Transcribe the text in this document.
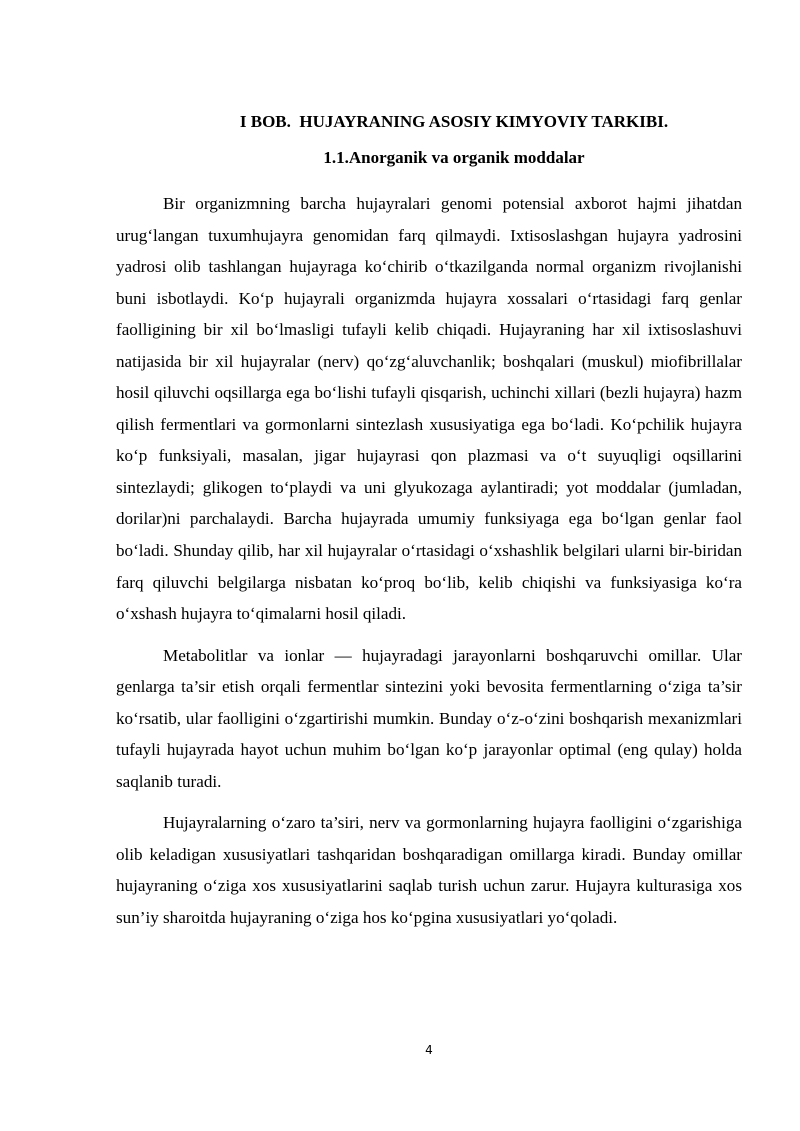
I BOB.  HUJAYRANING ASOSIY KIMYOVIY TARKIBI.
1.1.Anorganik va organik moddalar

Bir organizmning barcha hujayralari genomi potensial axborot hajmi jihatdan urug‘langan tuxumhujayra genomidan farq qilmaydi. Ixtisoslashgan hujayra yadrosini yadrosi olib tashlangan hujayraga ko‘chirib o‘tkazilganda normal organizm rivojlanishi buni isbotlaydi. Ko‘p hujayrali organizmda hujayra xossalari o‘rtasidagi farq genlar faolligining bir xil bo‘lmasligi tufayli kelib chiqadi. Hujayraning har xil ixtisoslashuvi natijasida bir xil hujayralar (nerv) qo‘zg‘aluvchanlik; boshqalari (muskul) miofibrillalar hosil qiluvchi oqsillarga ega bo‘lishi tufayli qisqarish, uchinchi xillari (bezli hujayra) hazm qilish fermentlari va gormonlarni sintezlash xususiyatiga ega bo‘ladi. Ko‘pchilik hujayra ko‘p funksiyali, masalan, jigar hujayrasi qon plazmasi va o‘t suyuqligi oqsillarini sintezlaydi; glikogen to‘playdi va uni glyukozaga aylantiradi; yot moddalar (jumladan, dorilar)ni parchalaydi. Barcha hujayrada umumiy funksiyaga ega bo‘lgan genlar faol bo‘ladi. Shunday qilib, har xil hujayralar o‘rtasidagi o‘xshashlik belgilari ularni bir-biridan farq qiluvchi belgilarga nisbatan ko‘proq bo‘lib, kelib chiqishi va funksiyasiga ko‘ra o‘xshash hujayra to‘qimalarni hosil qiladi.

Metabolitlar va ionlar — hujayradagi jarayonlarni boshqaruvchi omillar. Ular genlarga ta’sir etish orqali fermentlar sintezini yoki bevosita fermentlarning o‘ziga ta’sir ko‘rsatib, ular faolligini o‘zgartirishi mumkin. Bunday o‘z-o‘zini boshqarish mexanizmlari tufayli hujayrada hayot uchun muhim bo‘lgan ko‘p jarayonlar optimal (eng qulay) holda saqlanib turadi.

Hujayralarning o‘zaro ta’siri, nerv va gormonlarning hujayra faolligini o‘zgarishiga olib keladigan xususiyatlari tashqaridan boshqaradigan omillarga kiradi. Bunday omillar hujayraning o‘ziga xos xususiyatlarini saqlab turish uchun zarur. Hujayra kulturasiga xos sun’iy sharoitda hujayraning o‘ziga hos ko‘pgina xususiyatlari yo‘qoladi.

4
